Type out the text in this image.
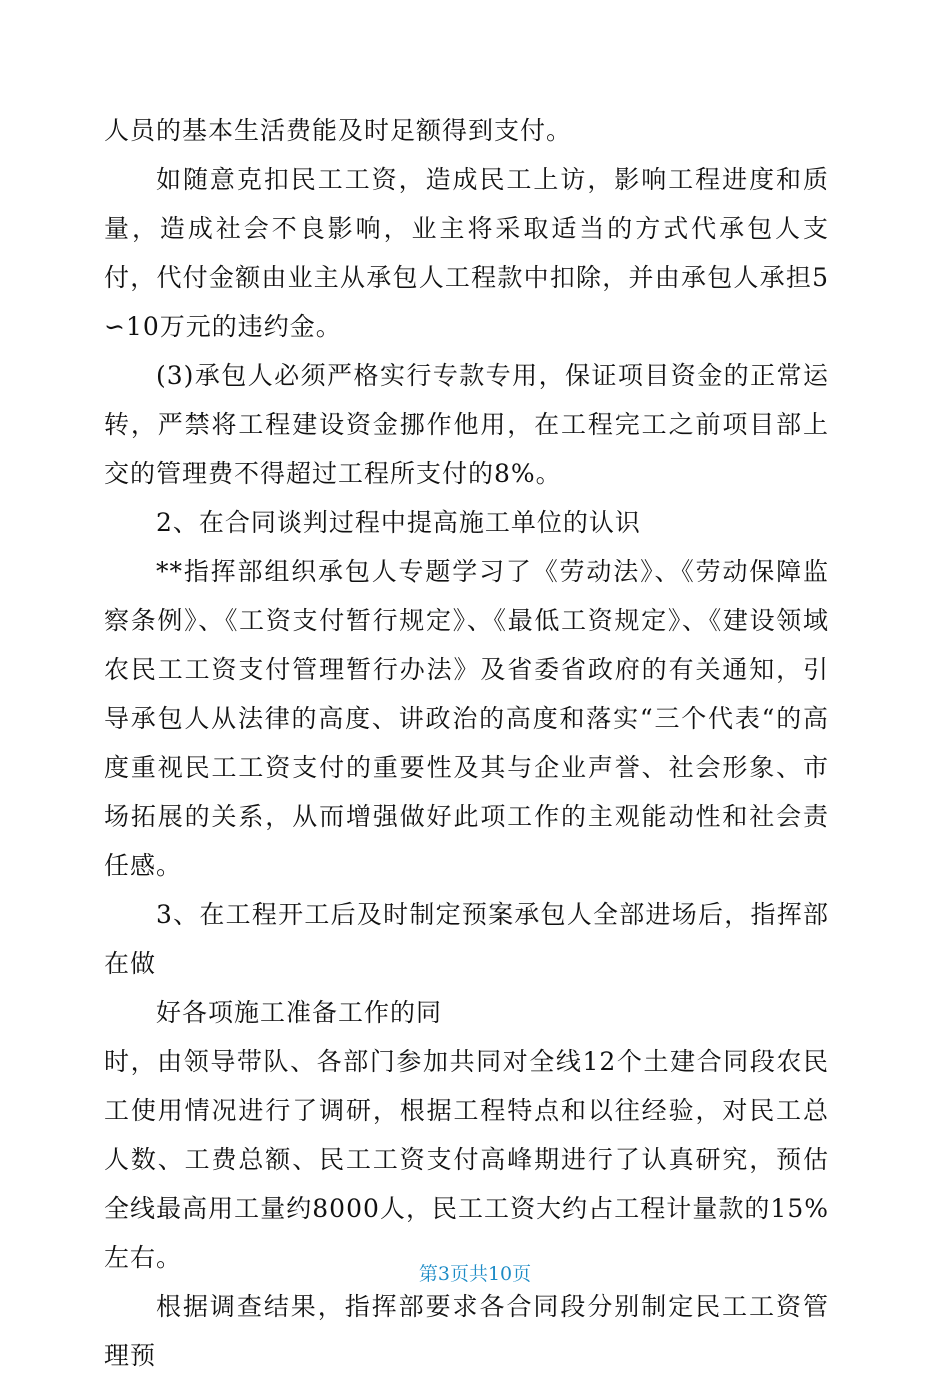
人员的基本生活费能及时足额得到支付。

如随意克扣民工工资，造成民工上访，影响工程进度和质量，造成社会不良影响，业主将采取适当的方式代承包人支付，代付金额由业主从承包人工程款中扣除，并由承包人承担5∽10万元的违约金。

(3)承包人必须严格实行专款专用，保证项目资金的正常运转，严禁将工程建设资金挪作他用，在工程完工之前项目部上交的管理费不得超过工程所支付的8%。

2、在合同谈判过程中提高施工单位的认识

**指挥部组织承包人专题学习了《劳动法》、《劳动保障监察条例》、《工资支付暂行规定》、《最低工资规定》、《建设领域农民工工资支付管理暂行办法》及省委省政府的有关通知，引导承包人从法律的高度、讲政治的高度和落实“三个代表“的高度重视民工工资支付的重要性及其与企业声誉、社会形象、市场拓展的关系，从而增强做好此项工作的主观能动性和社会责任感。

3、在工程开工后及时制定预案承包人全部进场后，指挥部在做

好各项施工准备工作的同

时，由领导带队、各部门参加共同对全线12个土建合同段农民工使用情况进行了调研，根据工程特点和以往经验，对民工总人数、工费总额、民工工资支付高峰期进行了认真研究，预估全线最高用工量约8000人，民工工资大约占工程计量款的15%左右。

根据调查结果，指挥部要求各合同段分别制定民工工资管理预

第3页共10页
